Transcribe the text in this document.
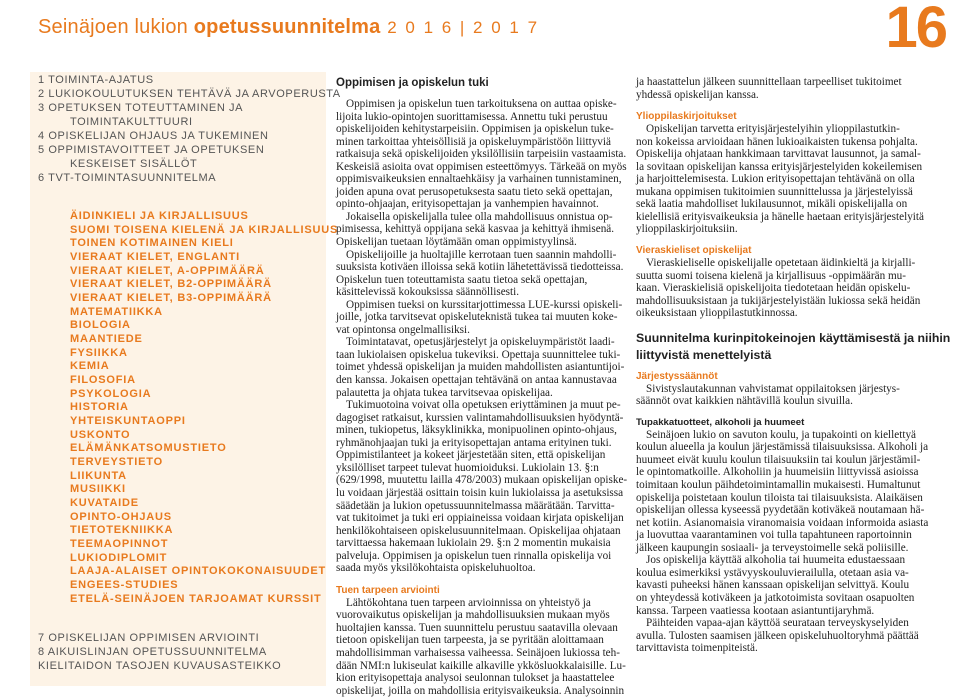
Seinäjoen lukion opetussuunnitelma 2 0 1 6 | 2 0 1 7	16
1 TOIMINTA-AJATUS
2 LUKIOKOULUTUKSEN TEHTÄVÄ JA ARVOPERUSTA
3 OPETUKSEN TOTEUTTAMINEN JA
TOIMINTAKULTTUURI
4 OPISKELIJAN OHJAUS JA TUKEMINEN
5 OPPIMISTAVOITTEET JA OPETUKSEN
KESKEISET SISÄLLÖT
6 TVT-TOIMINTASUUNNITELMA
ÄIDINKIELI JA KIRJALLISUUS
SUOMI TOISENA KIELENÄ JA KIRJALLISUUS
TOINEN KOTIMAINEN KIELI
VIERAAT KIELET, ENGLANTI
VIERAAT KIELET, A-OPPIMÄÄRÄ
VIERAAT KIELET, B2-OPPIMÄÄRÄ
VIERAAT KIELET, B3-OPPIMÄÄRÄ
MATEMATIIKKA
BIOLOGIA
MAANTIEDE
FYSIIKKA
KEMIA
FILOSOFIA
PSYKOLOGIA
HISTORIA
YHTEISKUNTAOPPI
USKONTO
ELÄMÄNKATSOMUSTIETO
TERVEYSTIETO
LIIKUNTA
MUSIIKKI
KUVATAIDE
OPINTO-OHJAUS
TIETOTEKNIIKKA
TEEMAOPINNOT
LUKIODIPLOMIT
LAAJA-ALAISET OPINTOKOKONAISUUDET
ENGEES-STUDIES
ETELÄ-SEINÄJOEN TARJOAMAT KURSSIT
7 OPISKELIJAN OPPIMISEN ARVIOINTI
8 AIKUISLINJAN OPETUSSUUNNITELMA
KIELITAIDON TASOJEN KUVAUSASTEIKKO
Oppimisen ja opiskelun tuki
Oppimisen ja opiskelun tuen tarkoituksena on auttaa opiske-
lijoita lukio-opintojen suorittamisessa. Annettu tuki perustuu
opiskelijoiden kehitystarpeisiin. Oppimisen ja opiskelun tuke-
minen tarkoittaa yhteisöllisiä ja opiskeluympäristöön liittyviä
ratkaisuja sekä opiskelijoiden yksilöllisiin tarpeisiin vastaamista.
Keskeisiä asioita ovat oppimisen esteettömyys. Tärkeää on myös
oppimisvaikeuksien ennaltaehkäisy ja varhainen tunnistaminen,
joiden apuna ovat perusopetuksesta saatu tieto sekä opettajan,
opinto-ohjaajan, erityisopettajan ja vanhempien havainnot.
Jokaisella opiskelijalla tulee olla mahdollisuus onnistua op-
pimisessa, kehittyä oppijana sekä kasvaa ja kehittyä ihmisenä.
Opiskelijan tuetaan löytämään oman oppimistyylinsä.
Opiskelijoille ja huoltajille kerrotaan tuen saannin mahdolli-
suuksista kotiväen illoissa sekä kotiin lähetettävissä tiedotteissa.
Opiskelun tuen toteuttamista saatu tietoa sekä opettajan,
käsittelevissä kokouksissa säännöllisesti.
Oppimisen tueksi on kurssitarjottimessa LUE-kurssi opiskeli-
joille, jotka tarvitsevat opiskeluteknistä tukea tai muuten koke-
vat opintonsa ongelmallisiksi.
Toimintatavat, opetusjärjestelyt ja opiskeluympäristöt laadi-
taan lukiolaisen opiskelua tukeviksi. Opettaja suunnittelee tuki-
toimet yhdessä opiskelijan ja muiden mahdollisten asiantuntijoi-
den kanssa. Jokaisen opettajan tehtävänä on antaa kannustavaa
palautetta ja ohjata tukea tarvitsevaa opiskelijaa.
Tukimuotoina voivat olla opetuksen eriyttäminen ja muut pe-
dagogiset ratkaisut, kurssien valintamahdollisuuksien hyödyntä-
minen, tukiopetus, läksyklinikka, monipuolinen opinto-ohjaus,
ryhmänohjaajan tuki ja erityisopettajan antama erityinen tuki.
Oppimistilanteet ja kokeet järjestetään siten, että opiskelijan
yksilölliset tarpeet tulevat huomioiduksi. Lukiolain 13. §:n
(629/1998, muutettu lailla 478/2003) mukaan opiskelijan opiske-
lu voidaan järjestää osittain toisin kuin lukiolaissa ja asetuksissa
säädetään ja lukion opetussuunnitelmassa määrätään. Tarvitta-
vat tukitoimet ja tuki eri oppiaineissa voidaan kirjata opiskelijan
henkilökohtaiseen opiskelusuunnitelmaan. Opiskelijaa ohjataan
tarvittaessa hakemaan lukiolain 29. §:n 2 momentin mukaisia
palveluja. Oppimisen ja opiskelun tuen rinnalla opiskelija voi
saada myös yksilökohtaista opiskeluhuoltoa.
Tuen tarpeen arviointi
Lähtökohtana tuen tarpeen arvioinnissa on yhteistyö ja
vuorovaikutus opiskelijan ja mahdollisuuksien mukaan myös
huoltajien kanssa. Tuen suunnittelu perustuu saatavilla olevaan
tietoon opiskelijan tuen tarpeesta, ja se pyritään aloittamaan
mahdollisimman varhaisessa vaiheessa. Seinäjoen lukiossa teh-
dään NMI:n lukiseulat kaikille alkaville ykkösluokkalaisille. Lu-
kion erityisopettaja analysoi seulonnan tulokset ja haastattelee
opiskelijat, joilla on mahdollisia erityisvaikeuksia. Analysoinnin
ja haastattelun jälkeen suunnittellaan tarpeelliset tukitoimet
yhdessä opiskelijan kanssa.
Ylioppilaskirjoitukset
Opiskelijan tarvetta erityisjärjestelyihin ylioppilastutkin-
non kokeissa arvioidaan hänen lukioaikaisten tukensa pohjalta.
Opiskelija ohjataan hankkimaan tarvittavat lausunnot, ja samal-
la sovitaan opiskelijan kanssa erityisjärjestelyiden kokeilemisen
ja harjoittelemisesta. Lukion erityisopettajan tehtävänä on olla
mukana oppimisen tukitoimien suunnittelussa ja järjestelyissä
sekä laatia mahdolliset lukilausunnot, mikäli opiskelijalla on
kielellisiä erityisvaikeuksia ja hänelle haetaan erityisjärjestelyitä
ylioppilaskirjoituksiin.
Vieraskieliset opiskelijat
Vieraskieliselle opiskelijalle opetetaan äidinkieltä ja kirjalli-
suutta suomi toisena kielenä ja kirjallisuus -oppimäärän mu-
kaan. Vieraskielisiä opiskelijoita tiedotetaan heidän opiskelu-
mahdollisuuksistaan ja tukijärjestelyistään lukiossa sekä heidän
oikeuksistaan ylioppilastutkinnossa.
Suunnitelma kurinpitokeinojen käyttämisestä ja niihin
liittyvistä menettelyistä
Järjestyssäännöt
Sivistyslautakunnan vahvistamat oppilaitoksen järjestys-
säännöt ovat kaikkien nähtävillä koulun sivuilla.
Tupakkatuotteet, alkoholi ja huumeet
Seinäjoen lukio on savuton koulu, ja tupakointi on kiellettyä
koulun alueella ja koulun järjestämissä tilaisuuksissa. Alkoholi ja
huumeet eivät kuulu koulun tilaisuuksiin tai koulun järjestämil-
le opintomatkoille. Alkoholiin ja huumeisiin liittyvissä asioissa
toimitaan koulun päihdetoimintamallin mukaisesti. Humaltunut
opiskelija poistetaan koulun tiloista tai tilaisuuksista. Alaikäisen
opiskelijan ollessa kyseessä pyydetään kotiväkeä noutamaan hä-
net kotiin. Asianomaisia viranomaisia voidaan informoida asiasta
ja luovuttaa vaarantaminen voi tulla tapahtuneen raportoinnin
jälkeen kaupungin sosiaali- ja terveystoimelle sekä poliisille.
Jos opiskelija käyttää alkoholia tai huumeita edustaessaan
koulua esimerkiksi ystävyyskouluvierailulla, otetaan asia va-
kavasti puheeksi hänen kanssaan opiskelijan selvittyä. Koulu
on yhteydessä kotiväkeen ja jatkotoimista sovitaan osapuolten
kanssa. Tarpeen vaatiessa kootaan asiantuntijaryhmä.
Päihteiden vapaa-ajan käyttöä seurataan terveyskyselyiden
avulla. Tulosten saamisen jälkeen opiskeluhuoltoryhmä päättää
tarvittavista toimenpiteistä.
